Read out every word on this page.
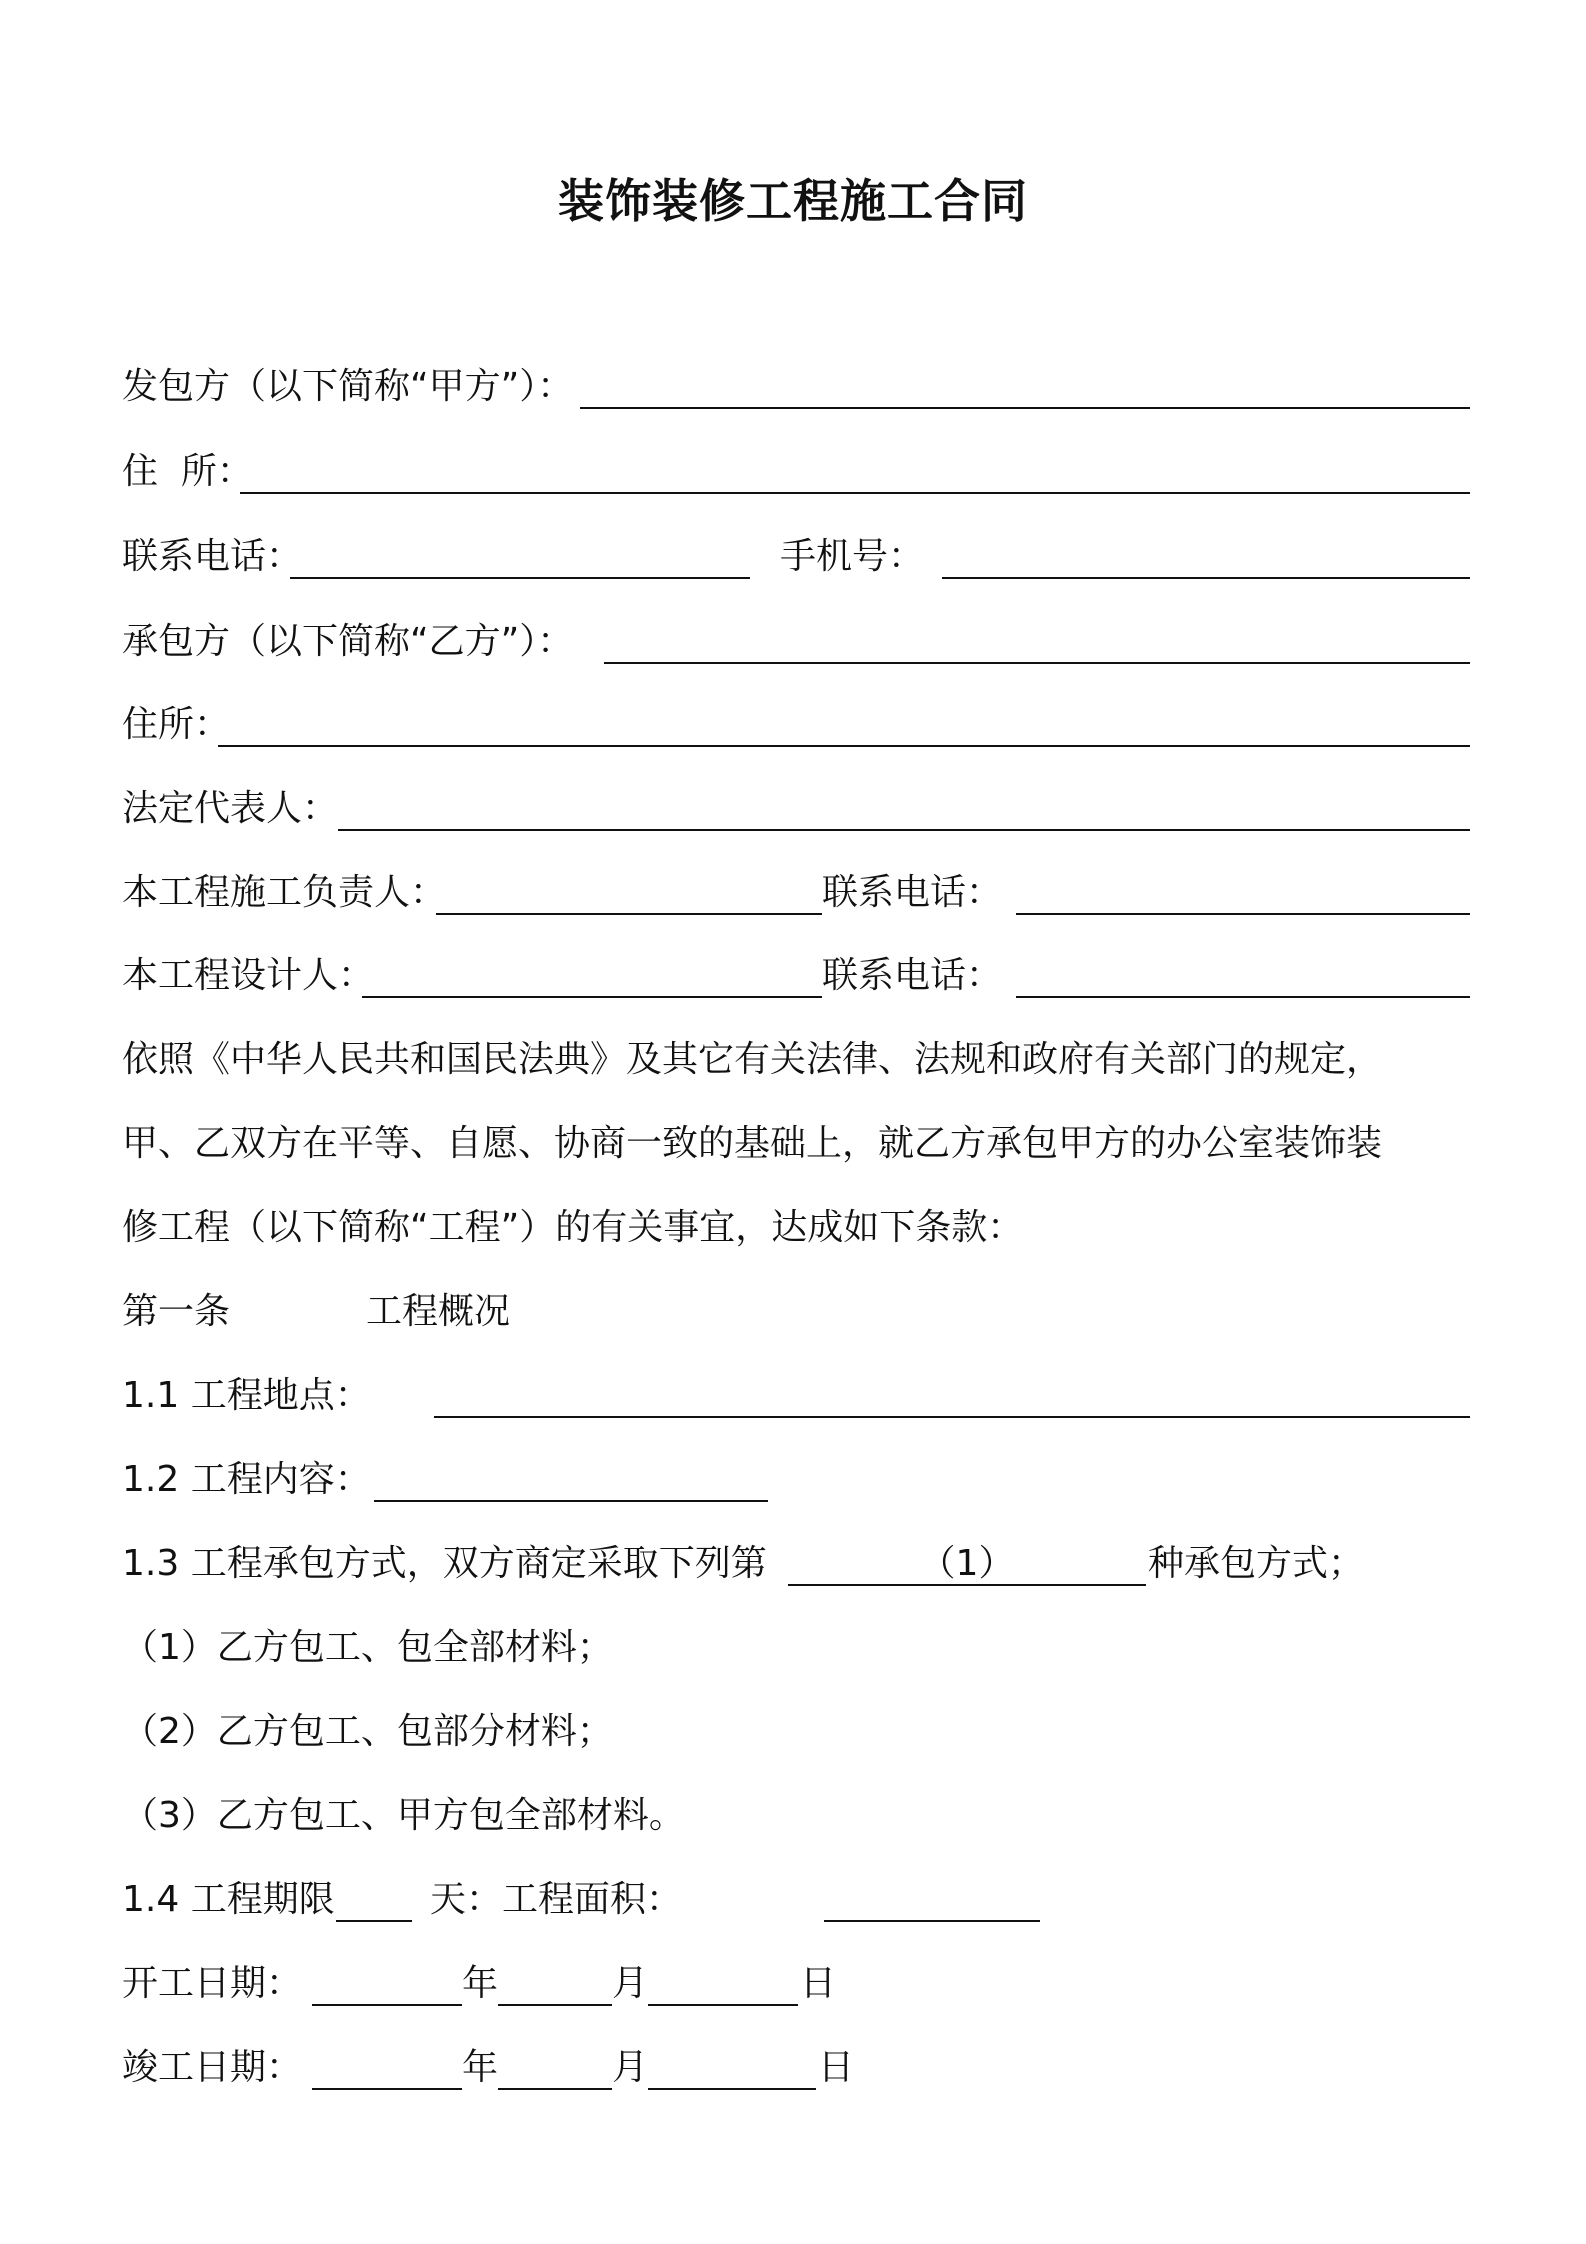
装饰装修工程施工合同
发包方（以下简称“甲方”）：
住  所：
联系电话：	手机号：
承包方（以下简称“乙方”）：
住所：
法定代表人：
本工程施工负责人：	联系电话：
本工程设计人：	联系电话：
依照《中华人民共和国民法典》及其它有关法律、法规和政府有关部门的规定，
甲、乙双方在平等、自愿、协商一致的基础上，就乙方承包甲方的办公室装饰装
修工程（以下简称“工程”）的有关事宜，达成如下条款：
第一条	工程概况
1.1 工程地点：
1.2 工程内容：
1.3 工程承包方式，双方商定采取下列第	（1）	种承包方式；
（1）乙方包工、包全部材料；
（2）乙方包工、包部分材料；
（3）乙方包工、甲方包全部材料。
1.4 工程期限	天：工程面积：
开工日期：	年	月	日
竣工日期：	年	月	日
